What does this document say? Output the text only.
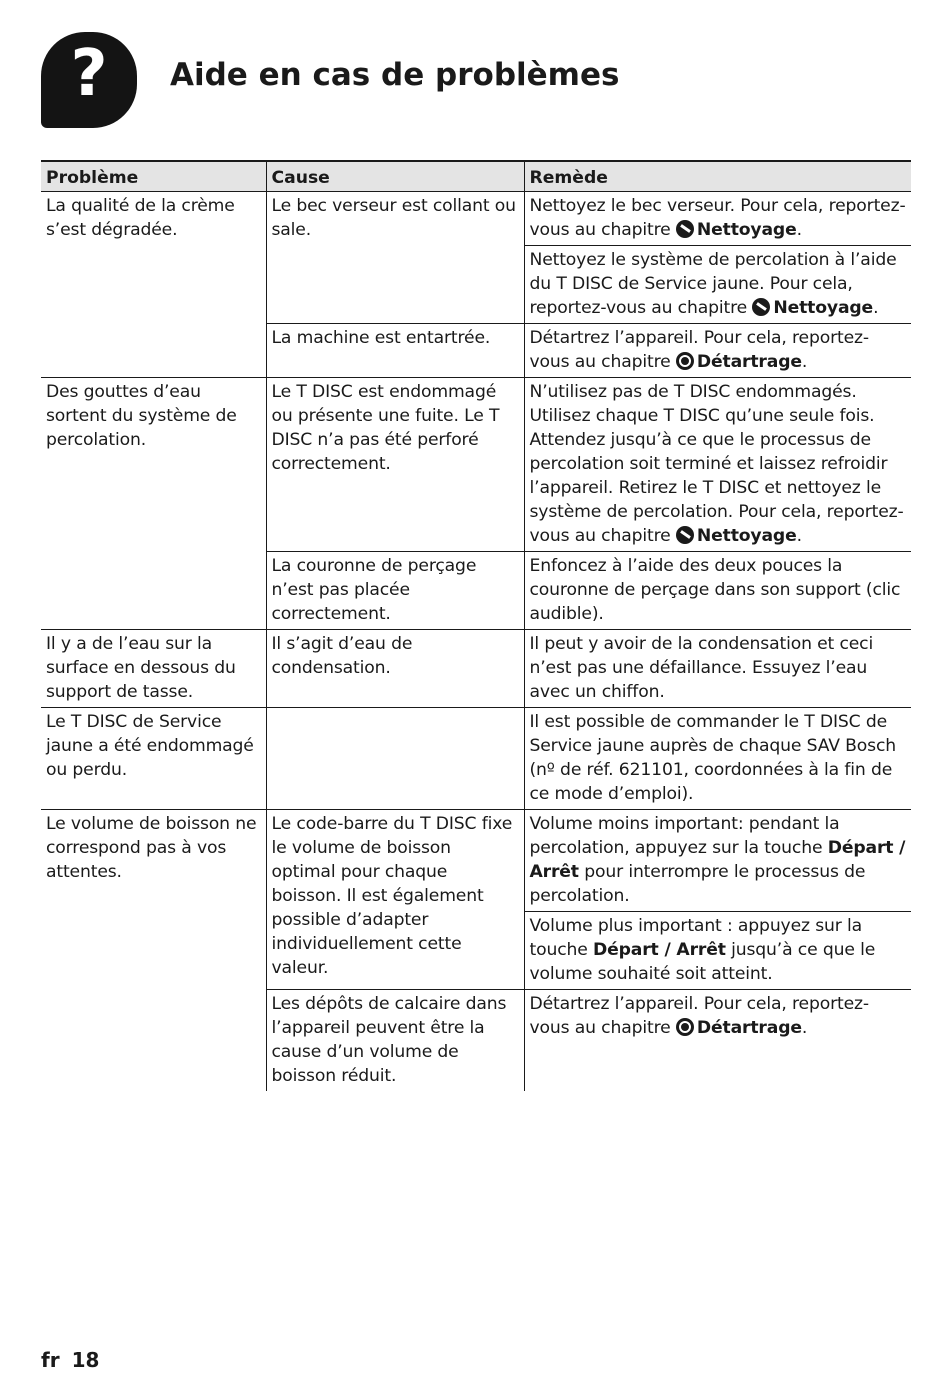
?	Aide en cas de problèmes
Problème	Cause	Remède
La qualité de la crème s’est dégradée.	Le bec verseur est collant ou sale.	Nettoyez le bec verseur. Pour cela, reportez-vous au chapitre Nettoyage.
		Nettoyez le système de percolation à l’aide du T DISC de Service jaune. Pour cela, reportez-vous au chapitre Nettoyage.
	La machine est entartrée.	Détartrez l’appareil. Pour cela, reportez-vous au chapitre Détartrage.
Des gouttes d’eau sortent du système de percolation.	Le T DISC est endommagé ou présente une fuite. Le T DISC n’a pas été perforé correctement.	N’utilisez pas de T DISC endommagés. Utilisez chaque T DISC qu’une seule fois. Attendez jusqu’à ce que le processus de percolation soit terminé et laissez refroidir l’appareil. Retirez le T DISC et nettoyez le système de percolation. Pour cela, reportez-vous au chapitre Nettoyage.
	La couronne de perçage n’est pas placée correctement.	Enfoncez à l’aide des deux pouces la couronne de perçage dans son support (clic audible).
Il y a de l’eau sur la surface en dessous du support de tasse.	Il s’agit d’eau de condensation.	Il peut y avoir de la condensation et ceci n’est pas une défaillance. Essuyez l’eau avec un chiffon.
Le T DISC de Service jaune a été endommagé ou perdu.		Il est possible de commander le T DISC de Service jaune auprès de chaque SAV Bosch (nº de réf. 621101, coordonnées à la fin de ce mode d’emploi).
Le volume de boisson ne correspond pas à vos attentes.	Le code-barre du T DISC fixe le volume de boisson optimal pour chaque boisson. Il est également possible d’adapter individuellement cette valeur.	Volume moins important: pendant la percolation, appuyez sur la touche Départ / Arrêt pour interrompre le processus de percolation.
		Volume plus important : appuyez sur la touche Départ / Arrêt jusqu’à ce que le volume souhaité soit atteint.
	Les dépôts de calcaire dans l’appareil peuvent être la cause d’un volume de boisson réduit.	Détartrez l’appareil. Pour cela, reportez-vous au chapitre Détartrage.
fr 18
